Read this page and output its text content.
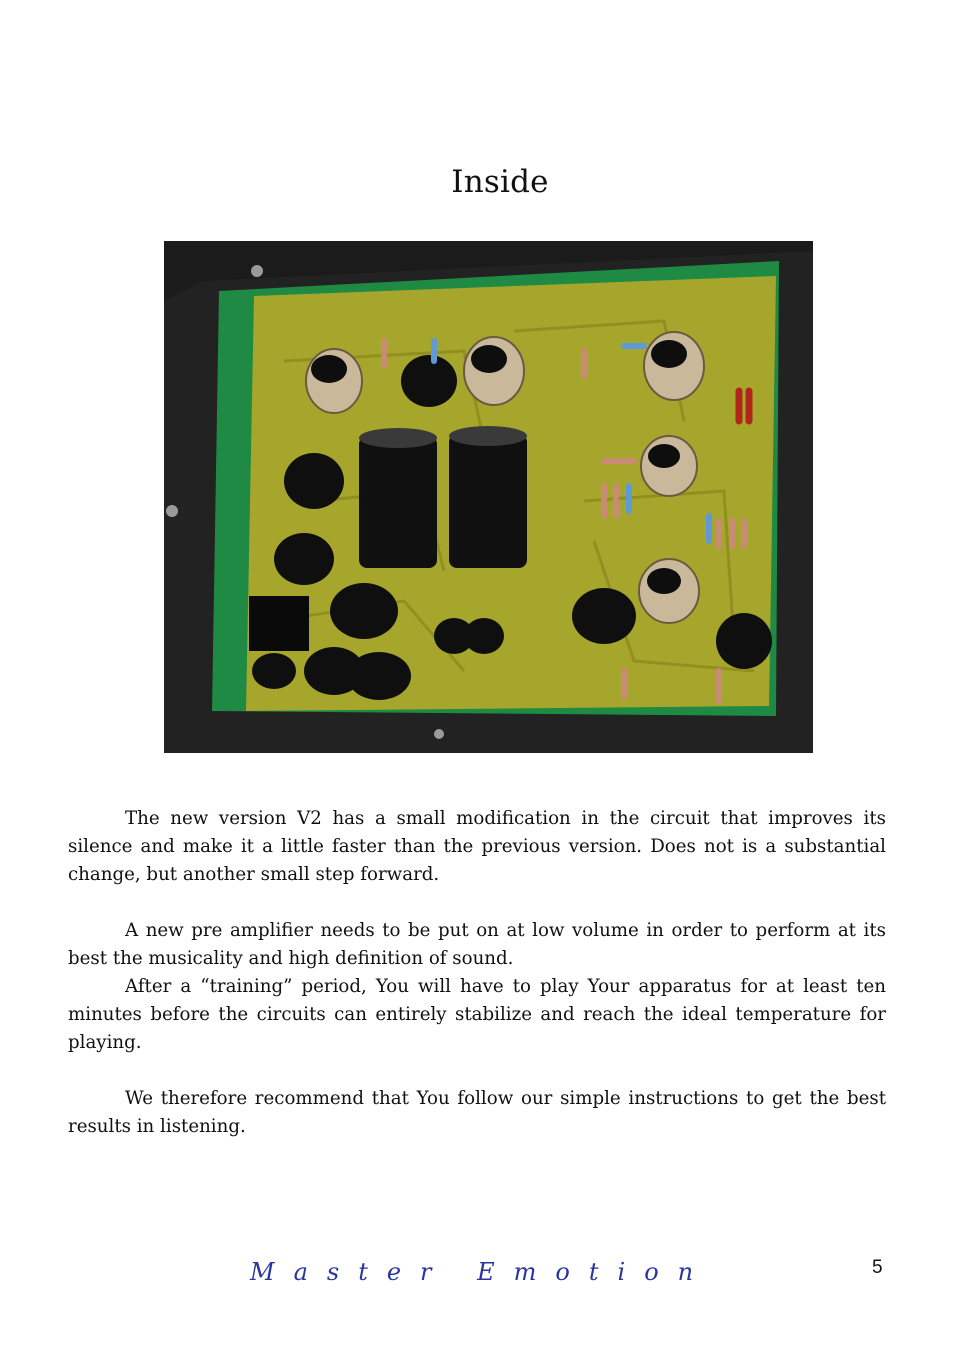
Inside

The new version V2 has a small modification in the circuit that improves its silence and make it a little faster than the previous version. Does not is a substantial change, but another small step forward.

A new pre amplifier needs to be put on at low volume in order to perform at its best the musicality and high definition of sound.

After a “training” period, You will have to play Your apparatus for at least ten minutes before the circuits can entirely stabilize and reach the ideal temperature for playing.

We therefore recommend that You follow our simple instructions to get the best results in listening.

Master Emotion	5
